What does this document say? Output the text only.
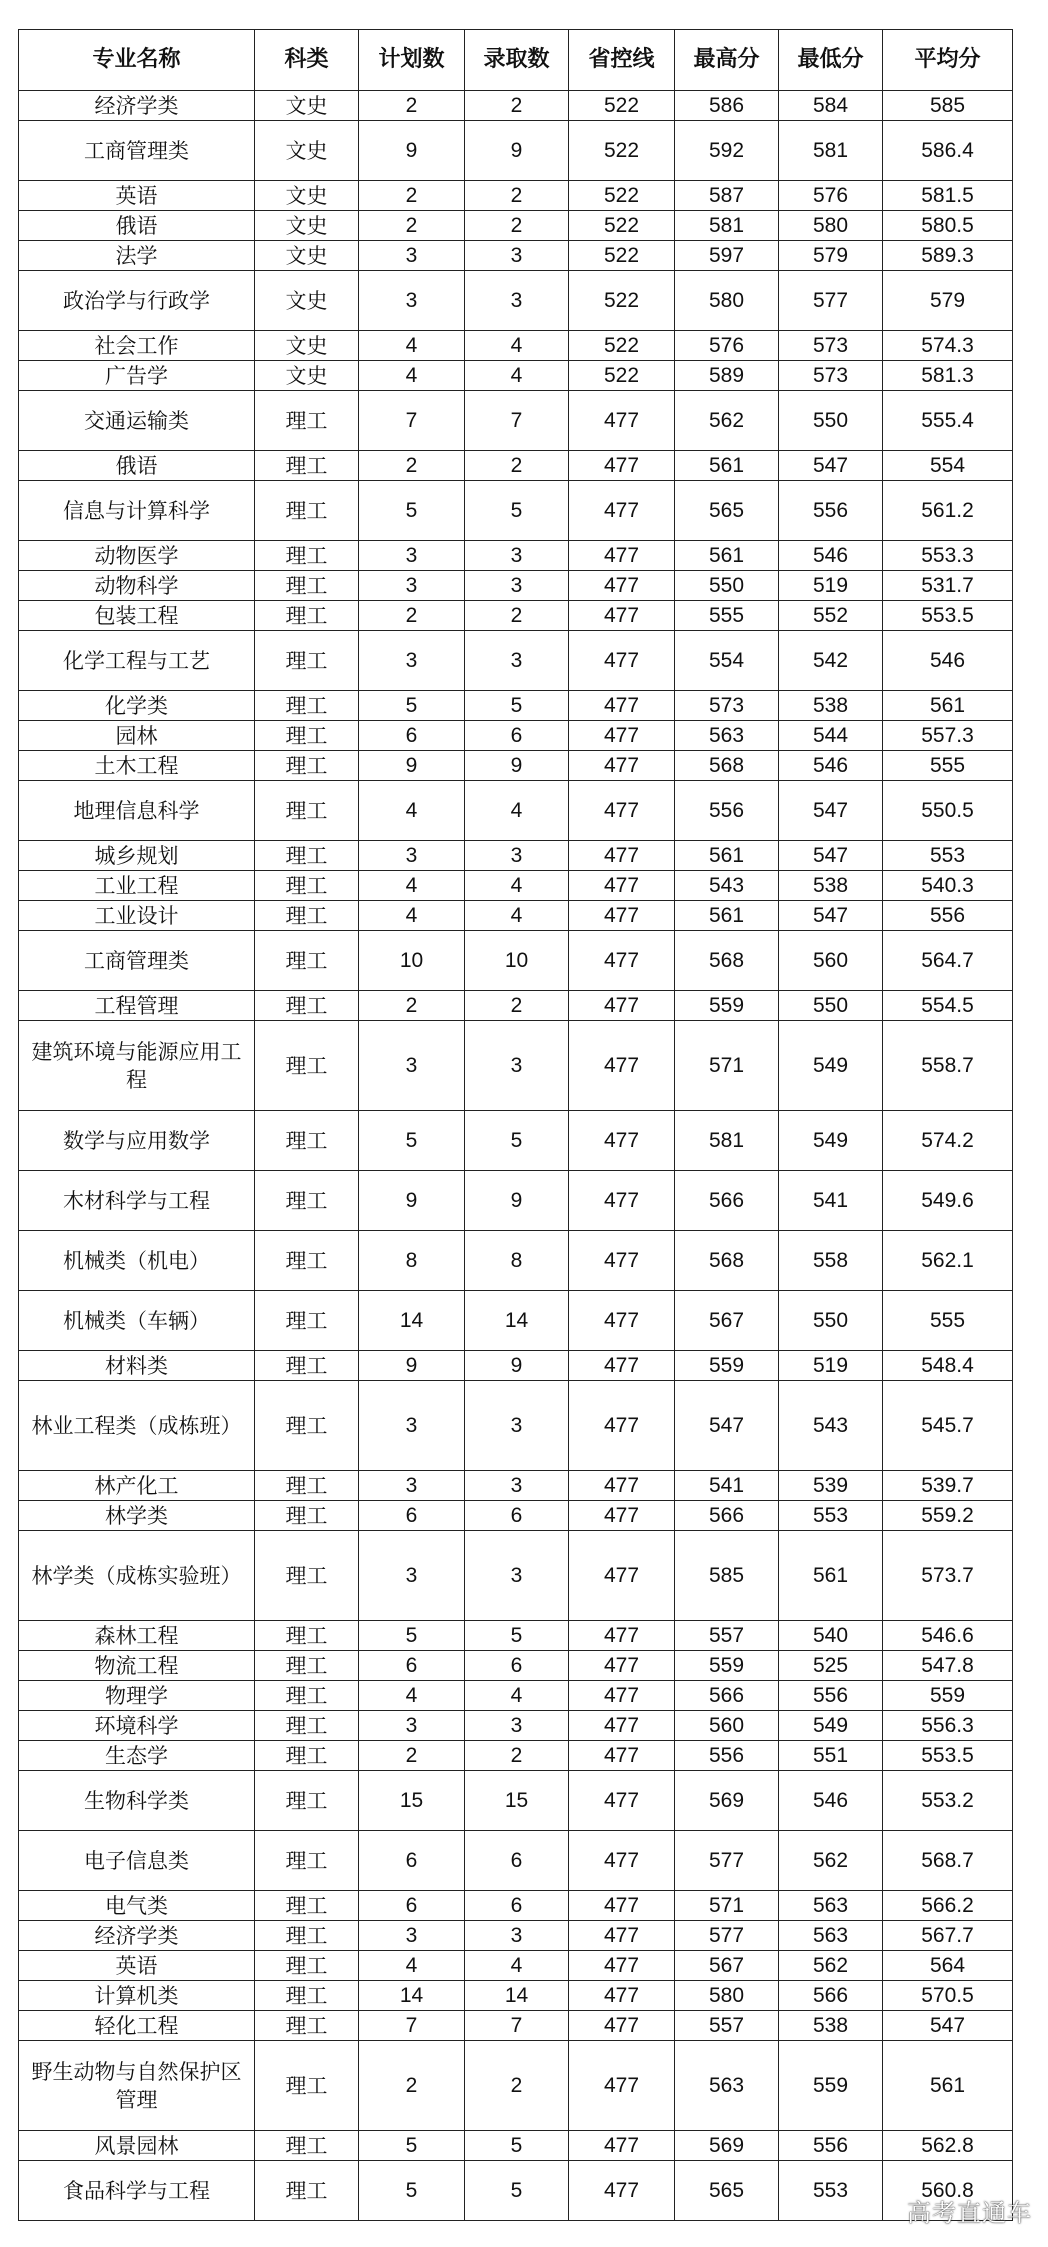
专业名称	科类	计划数	录取数	省控线	最高分	最低分	平均分
经济学类	文史	2	2	522	586	584	585
工商管理类	文史	9	9	522	592	581	586.4
英语	文史	2	2	522	587	576	581.5
俄语	文史	2	2	522	581	580	580.5
法学	文史	3	3	522	597	579	589.3
政治学与行政学	文史	3	3	522	580	577	579
社会工作	文史	4	4	522	576	573	574.3
广告学	文史	4	4	522	589	573	581.3
交通运输类	理工	7	7	477	562	550	555.4
俄语	理工	2	2	477	561	547	554
信息与计算科学	理工	5	5	477	565	556	561.2
动物医学	理工	3	3	477	561	546	553.3
动物科学	理工	3	3	477	550	519	531.7
包装工程	理工	2	2	477	555	552	553.5
化学工程与工艺	理工	3	3	477	554	542	546
化学类	理工	5	5	477	573	538	561
园林	理工	6	6	477	563	544	557.3
土木工程	理工	9	9	477	568	546	555
地理信息科学	理工	4	4	477	556	547	550.5
城乡规划	理工	3	3	477	561	547	553
工业工程	理工	4	4	477	543	538	540.3
工业设计	理工	4	4	477	561	547	556
工商管理类	理工	10	10	477	568	560	564.7
工程管理	理工	2	2	477	559	550	554.5
建筑环境与能源应用工程	理工	3	3	477	571	549	558.7
数学与应用数学	理工	5	5	477	581	549	574.2
木材科学与工程	理工	9	9	477	566	541	549.6
机械类（机电）	理工	8	8	477	568	558	562.1
机械类（车辆）	理工	14	14	477	567	550	555
材料类	理工	9	9	477	559	519	548.4
林业工程类（成栋班）	理工	3	3	477	547	543	545.7
林产化工	理工	3	3	477	541	539	539.7
林学类	理工	6	6	477	566	553	559.2
林学类（成栋实验班）	理工	3	3	477	585	561	573.7
森林工程	理工	5	5	477	557	540	546.6
物流工程	理工	6	6	477	559	525	547.8
物理学	理工	4	4	477	566	556	559
环境科学	理工	3	3	477	560	549	556.3
生态学	理工	2	2	477	556	551	553.5
生物科学类	理工	15	15	477	569	546	553.2
电子信息类	理工	6	6	477	577	562	568.7
电气类	理工	6	6	477	571	563	566.2
经济学类	理工	3	3	477	577	563	567.7
英语	理工	4	4	477	567	562	564
计算机类	理工	14	14	477	580	566	570.5
轻化工程	理工	7	7	477	557	538	547
野生动物与自然保护区管理	理工	2	2	477	563	559	561
风景园林	理工	5	5	477	569	556	562.8
食品科学与工程	理工	5	5	477	565	553	560.8
高考直通车
